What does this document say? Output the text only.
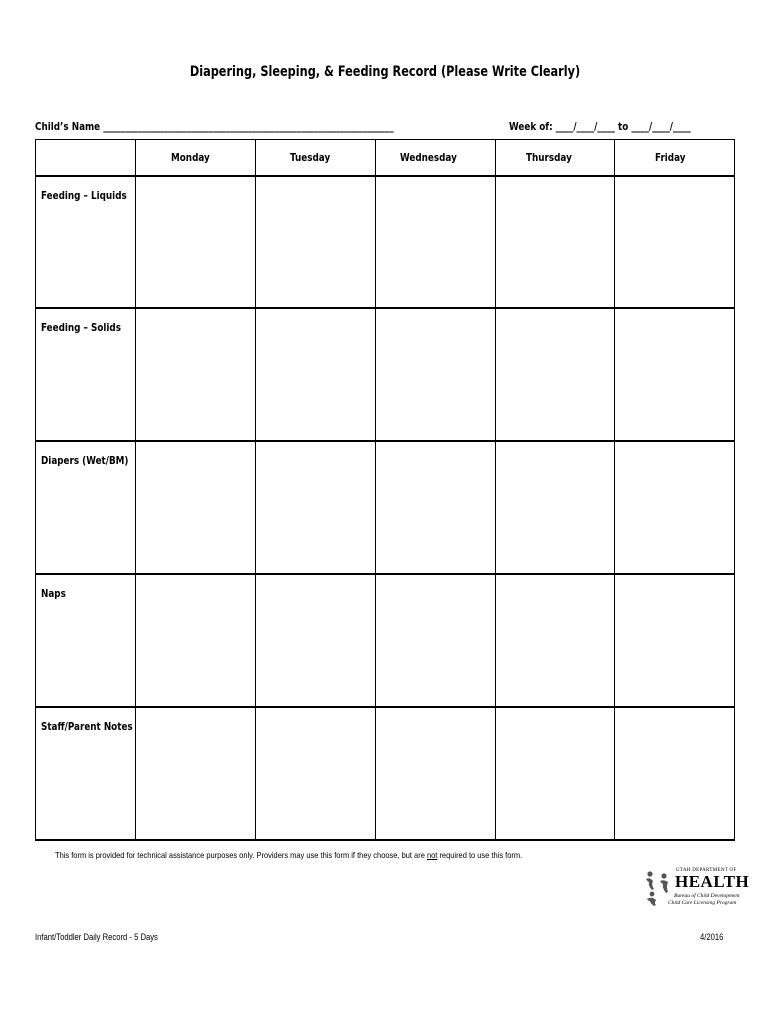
Diapering, Sleeping, & Feeding Record (Please Write Clearly)
Child’s Name __________________________________________________________________	Week of: ____/____/____ to ____/____/____
	Monday	Tuesday	Wednesday	Thursday	Friday

Feeding – Liquids					

Feeding – Solids					

Diapers (Wet/BM)					

Naps					

Staff/Parent Notes					

This form is provided for technical assistance purposes only. Providers may use this form if they choose, but are not required to use this form.
UTAH DEPARTMENT OF
HEALTH
Bureau of Child Development
Child Care Licensing Program
Infant/Toddler Daily Record - 5 Days	4/2016
